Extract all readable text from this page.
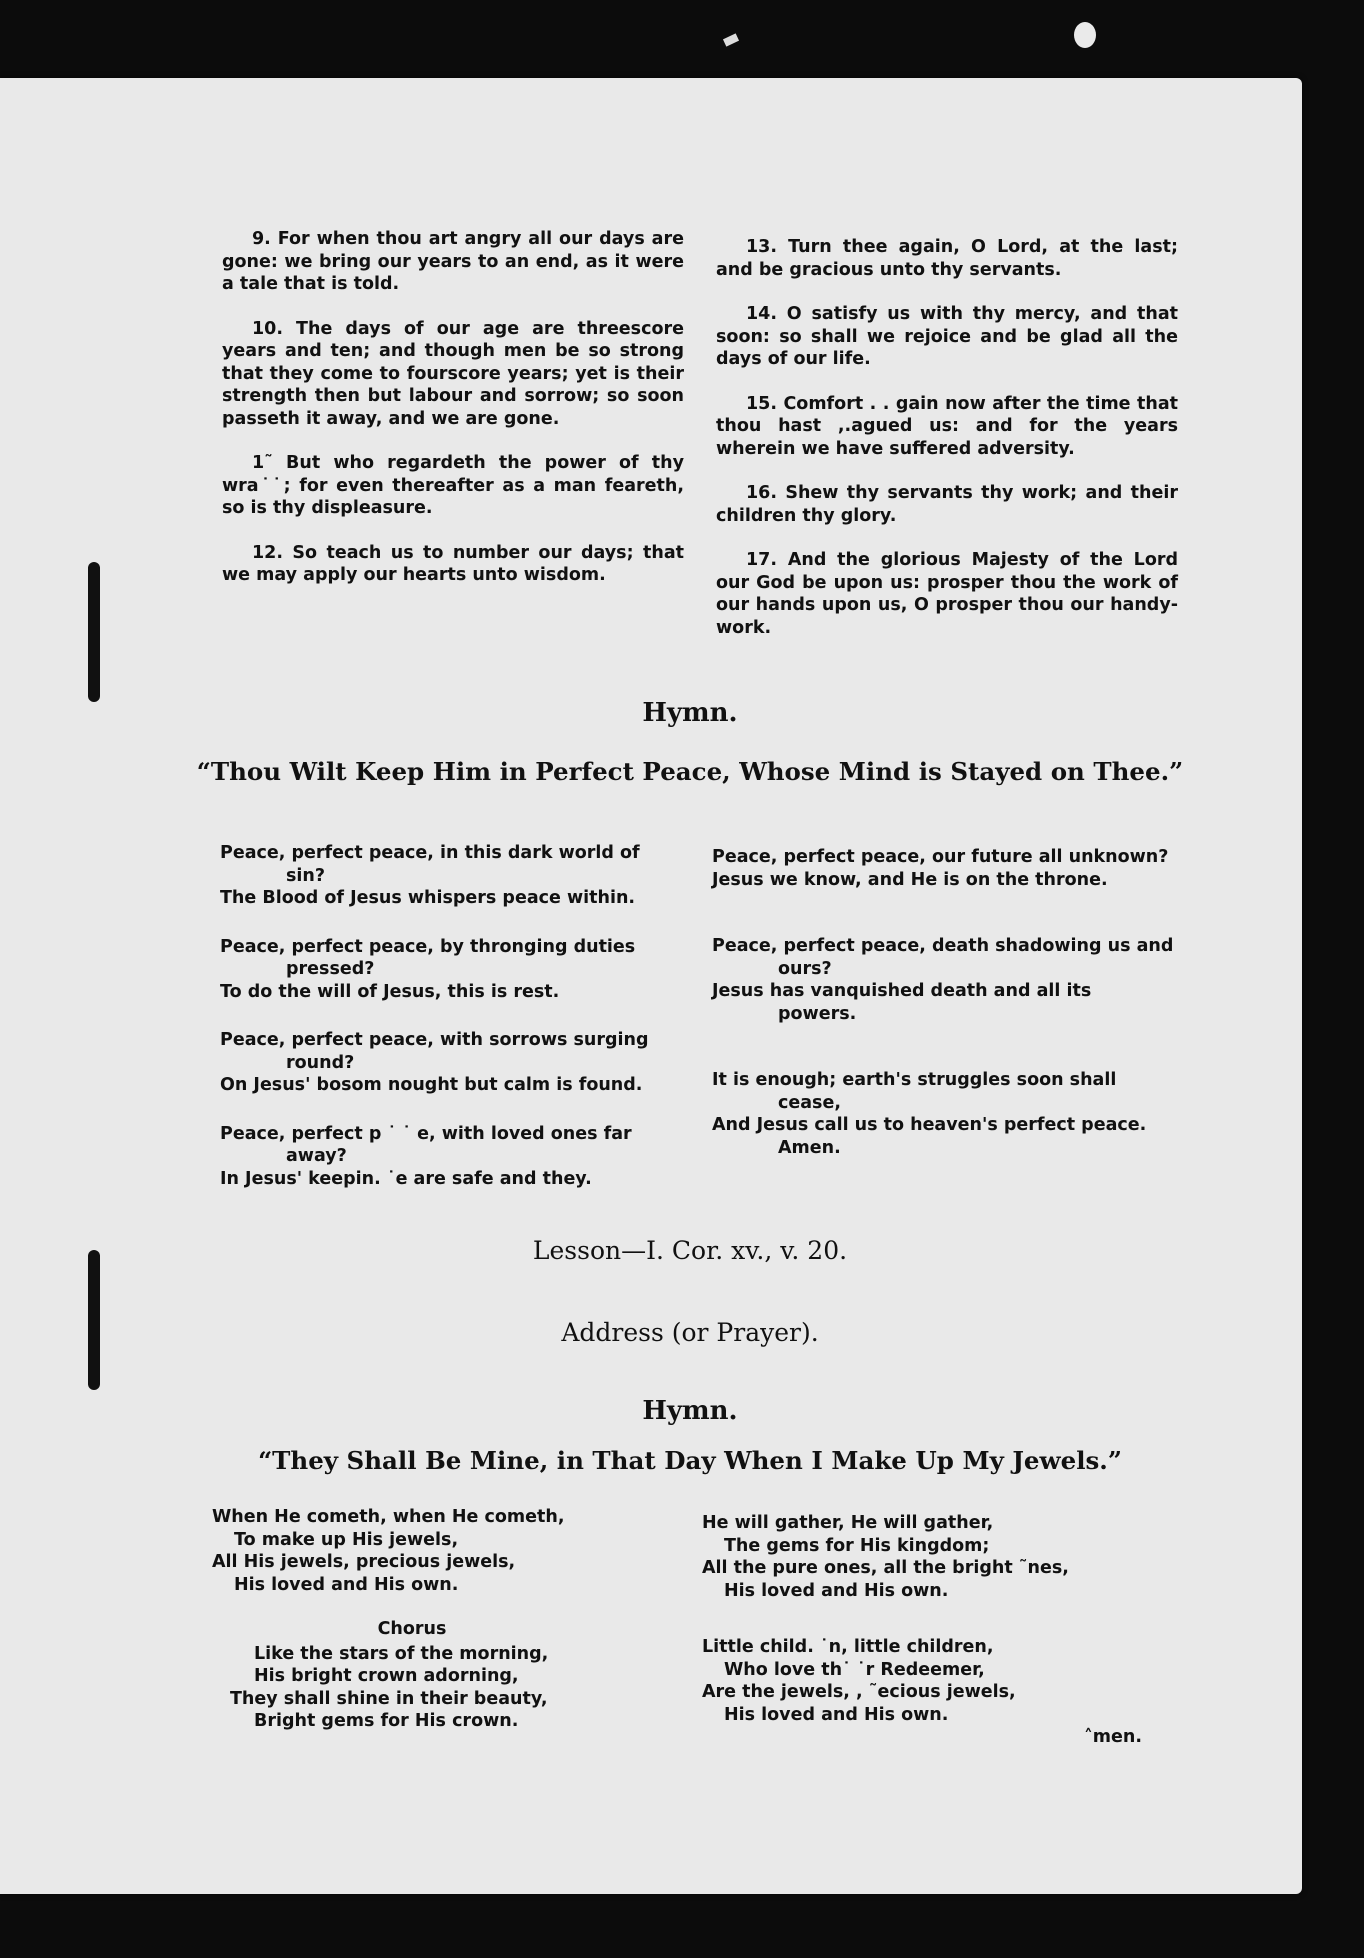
9. For when thou art angry all our days are gone: we bring our years to an end, as it were a tale that is told.

10. The days of our age are threescore years and ten; and though men be so strong that they come to fourscore years; yet is their strength then but labour and sorrow; so soon passeth it away, and we are gone.

1˜ But who regardeth the power of thy wra˙˙; for even thereafter as a man feareth, so is thy displeasure.

12. So teach us to number our days; that we may apply our hearts unto wisdom.

13. Turn thee again, O Lord, at the last; and be gracious unto thy servants.

14. O satisfy us with thy mercy, and that soon: so shall we rejoice and be glad all the days of our life.

15. Comfort . . gain now after the time that thou hast ,.agued us: and for the years wherein we have suffered adversity.

16. Shew thy servants thy work; and their children thy glory.

17. And the glorious Majesty of the Lord our God be upon us: prosper thou the work of our hands upon us, O prosper thou our handy-work.

Hymn.
“Thou Wilt Keep Him in Perfect Peace, Whose Mind is Stayed on Thee.”
Peace, perfect peace, in this dark world of sin?
The Blood of Jesus whispers peace within.
Peace, perfect peace, by thronging duties pressed?
To do the will of Jesus, this is rest.
Peace, perfect peace, with sorrows surging round?
On Jesus' bosom nought but calm is found.
Peace, perfect p ˙ ˙ e, with loved ones far away?
In Jesus' keepin. ˙e are safe and they.
Peace, perfect peace, our future all unknown?
Jesus we know, and He is on the throne.
Peace, perfect peace, death shadowing us and ours?
Jesus has vanquished death and all its powers.
It is enough; earth's struggles soon shall cease,
And Jesus call us to heaven's perfect peace. Amen.
Lesson—I. Cor. xv., v. 20.
Address (or Prayer).
Hymn.
“They Shall Be Mine, in That Day When I Make Up My Jewels.”
When He cometh, when He cometh,
To make up His jewels,
All His jewels, precious jewels,
His loved and His own.
Chorus
Like the stars of the morning,
His bright crown adorning,
They shall shine in their beauty,
Bright gems for His crown.
He will gather, He will gather,
The gems for His kingdom;
All the pure ones, all the bright ˜nes,
His loved and His own.
Little child. ˙n, little children,
Who love th˙ ˙r Redeemer,
Are the jewels, , ˜ecious jewels,
His loved and His own.
˄men.
